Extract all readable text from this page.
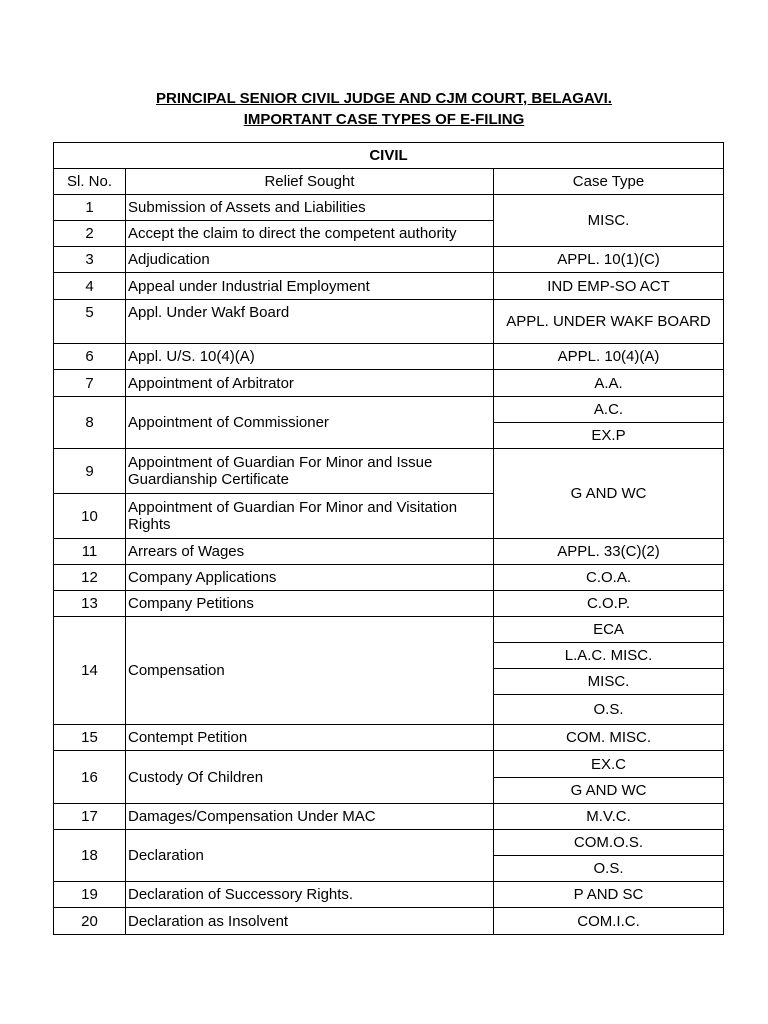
PRINCIPAL SENIOR CIVIL JUDGE AND CJM COURT, BELAGAVI.
IMPORTANT CASE TYPES OF E-FILING
CIVIL		
Sl. No.	Relief Sought	Case Type
1	Submission of Assets and Liabilities	MISC.
2	Accept the claim to direct the competent authority	
3	Adjudication	APPL. 10(1)(C)
4	Appeal under Industrial Employment	IND EMP-SO ACT
5	Appl. Under Wakf Board	APPL. UNDER WAKF BOARD
6	Appl. U/S. 10(4)(A)	APPL. 10(4)(A)
7	Appointment of Arbitrator	A.A.
8	Appointment of Commissioner	A.C.
		EX.P
9	Appointment of Guardian For Minor and Issue Guardianship Certificate	G AND WC
10	Appointment of Guardian For Minor and Visitation Rights	
11	Arrears of Wages	APPL. 33(C)(2)
12	Company Applications	C.O.A.
13	Company Petitions	C.O.P.
14	Compensation	ECA
		L.A.C. MISC.
		MISC.
		O.S.
15	Contempt Petition	COM. MISC.
16	Custody Of Children	EX.C
		G AND WC
17	Damages/Compensation Under MAC	M.V.C.
18	Declaration	COM.O.S.
		O.S.
19	Declaration of Successory Rights.	P AND SC
20	Declaration as Insolvent	COM.I.C.
